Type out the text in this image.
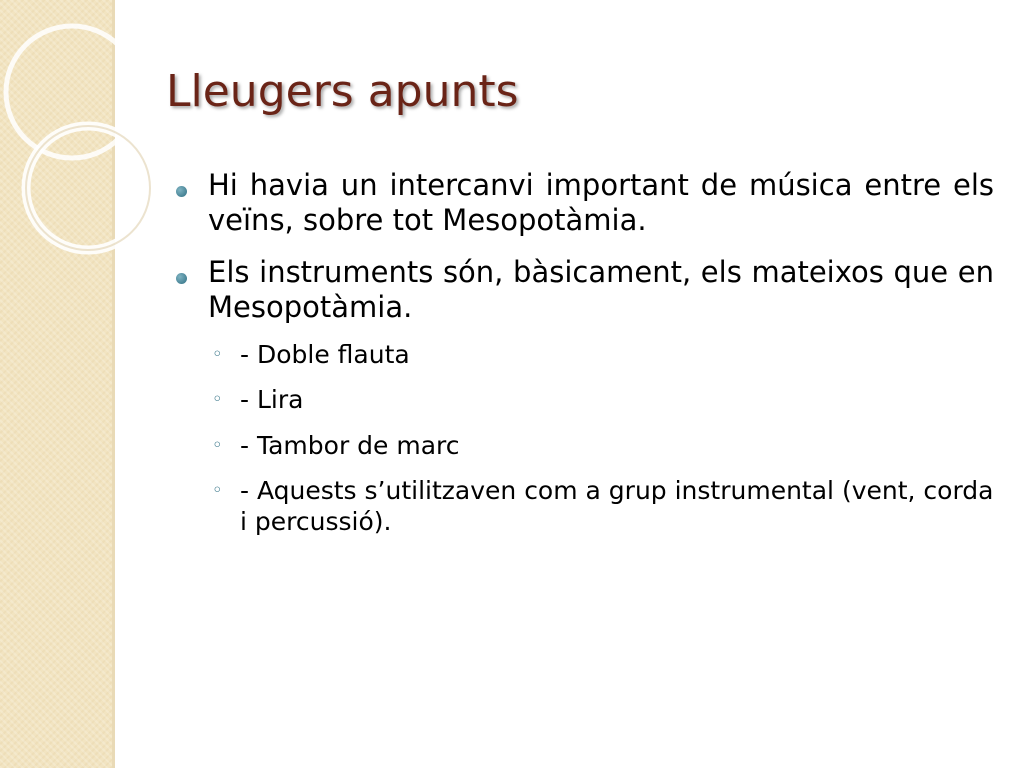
Lleugers apunts
Hi havia un intercanvi important de música entre els veïns, sobre tot Mesopotàmia.
Els instruments són, bàsicament, els mateixos que en Mesopotàmia.
◦ - Doble flauta
◦ - Lira
◦ - Tambor de marc
◦ - Aquests s’utilitzaven com a grup instrumental (vent, corda i percussió).
